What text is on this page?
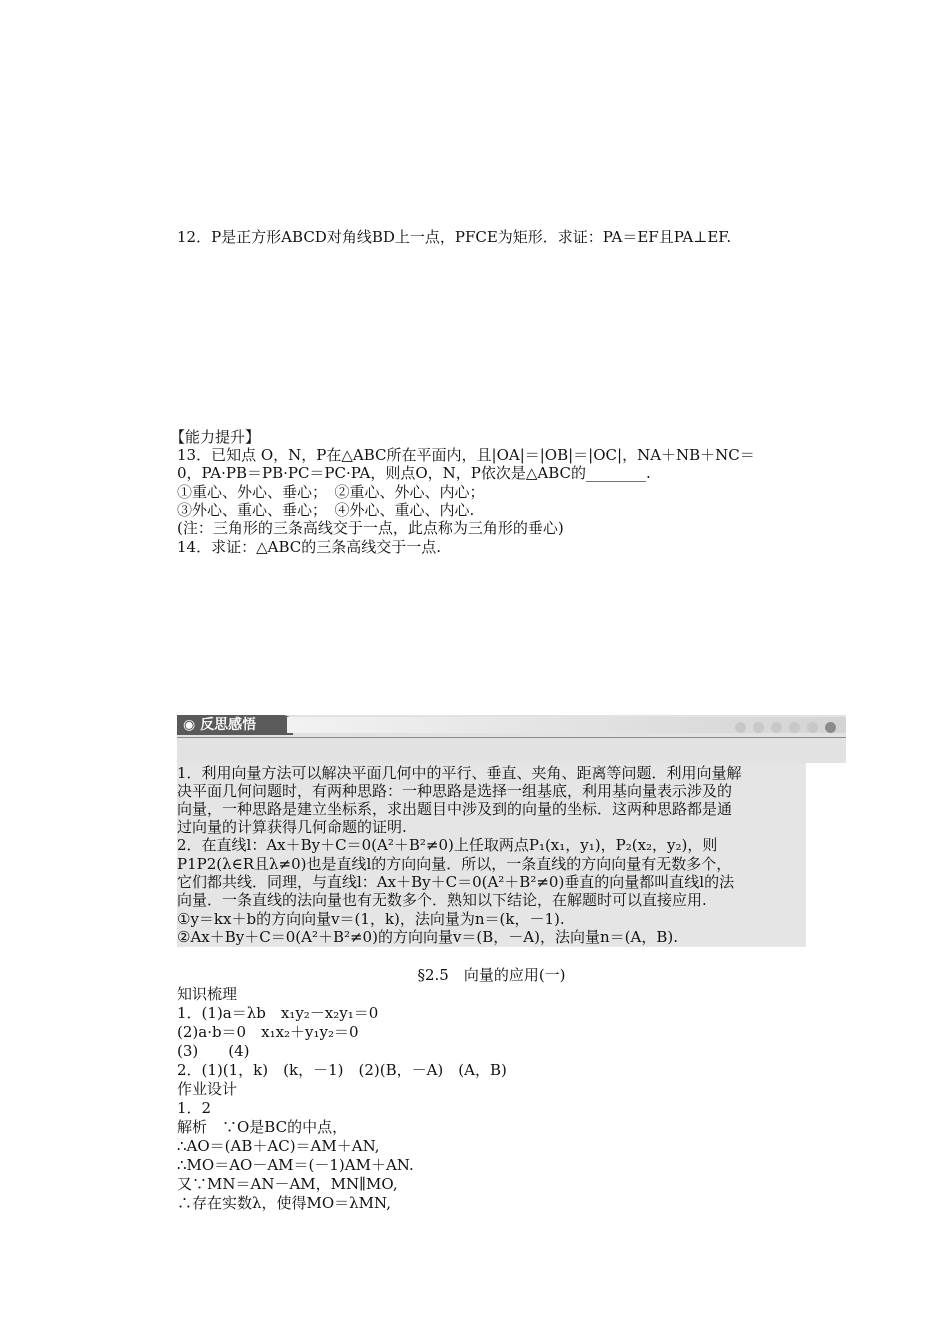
12．P是正方形ABCD对角线BD上一点，PFCE为矩形．求证：PA＝EF且PA⊥EF.
【能力提升】
13．已知点 O，N，P在△ABC所在平面内，且|OA|＝|OB|＝|OC|，NA＋NB＋NC＝
0，PA·PB＝PB·PC＝PC·PA，则点O，N，P依次是△ABC的________.
①重心、外心、垂心；　②重心、外心、内心；
③外心、重心、垂心；　④外心、重心、内心.
(注：三角形的三条高线交于一点，此点称为三角形的垂心)
14．求证：△ABC的三条高线交于一点.
◉ 反思感悟
1．利用向量方法可以解决平面几何中的平行、垂直、夹角、距离等问题．利用向量解
决平面几何问题时，有两种思路：一种思路是选择一组基底，利用基向量表示涉及的
向量，一种思路是建立坐标系，求出题目中涉及到的向量的坐标．这两种思路都是通
过向量的计算获得几何命题的证明.
2．在直线l：Ax＋By＋C＝0(A²＋B²≠0)上任取两点P₁(x₁，y₁)，P₂(x₂，y₂)，则
P1P2(λ∈R且λ≠0)也是直线l的方向向量．所以，一条直线的方向向量有无数多个，
它们都共线．同理，与直线l：Ax＋By＋C＝0(A²＋B²≠0)垂直的向量都叫直线l的法
向量．一条直线的法向量也有无数多个．熟知以下结论，在解题时可以直接应用.
①y＝kx＋b的方向向量v＝(1，k)，法向量为n＝(k，－1).
②Ax＋By＋C＝0(A²＋B²≠0)的方向向量v＝(B，－A)，法向量n＝(A，B).
§2.5　向量的应用(一)
知识梳理
1．(1)a＝λb　x₁y₂－x₂y₁＝0
(2)a·b＝0　x₁x₂＋y₁y₂＝0
(3)　　(4)
2．(1)(1，k)　(k，－1)　(2)(B，－A)　(A，B)
作业设计
1．2
解析　∵O是BC的中点，
∴AO＝(AB＋AC)＝AM＋AN,
∴MO＝AO－AM＝(－1)AM＋AN.
又∵MN＝AN－AM，MN∥MO,
∴存在实数λ，使得MO＝λMN,
